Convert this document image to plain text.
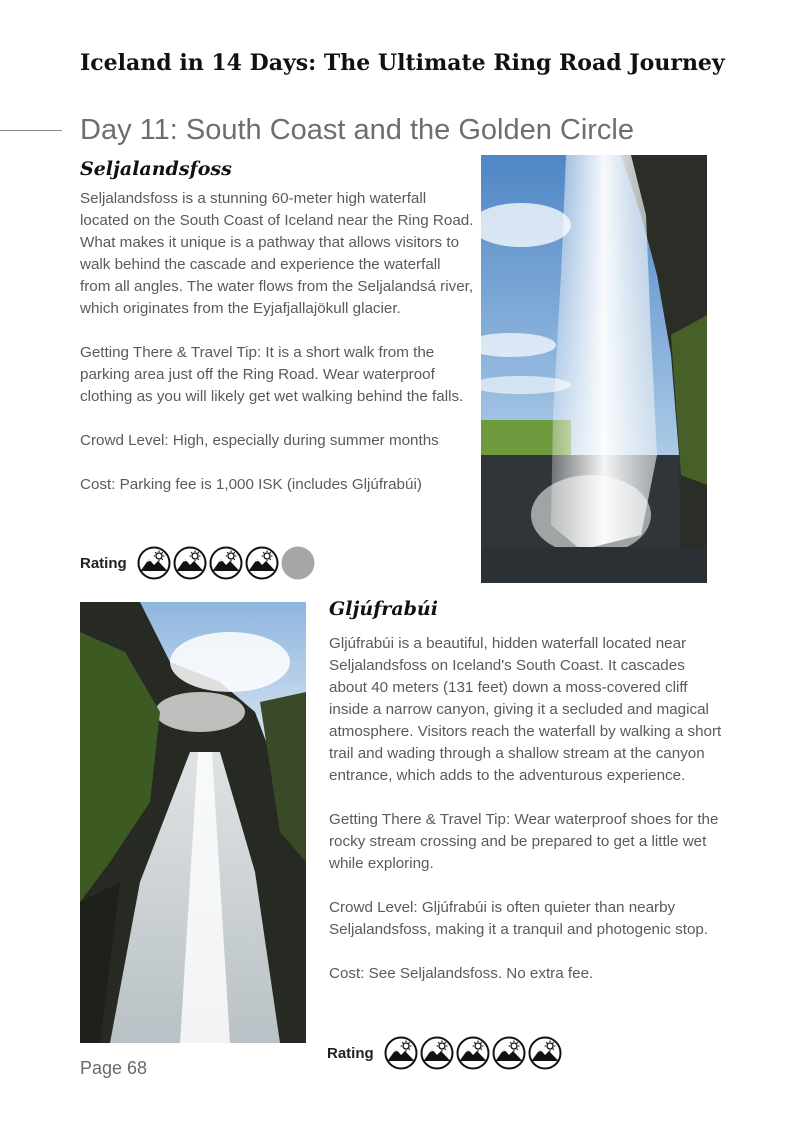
Iceland in 14 Days: The Ultimate Ring Road Journey
Day 11: South Coast and the Golden Circle
Seljalandsfoss

Seljalandsfoss is a stunning 60-meter high waterfall located on the South Coast of Iceland near the Ring Road. What makes it unique is a pathway that allows visitors to walk behind the cascade and experience the waterfall from all angles. The water flows from the Seljalandsá river, which originates from the Eyjafjallajökull glacier.

Getting There & Travel Tip: It is a short walk from the parking area just off the Ring Road. Wear waterproof clothing as you will likely get wet walking behind the falls.

Crowd Level: High, especially during summer months

Cost: Parking fee is 1,000 ISK (includes Gljúfrabúi)

Rating
Gljúfrabúi

Gljúfrabúi is a beautiful, hidden waterfall located near Seljalandsfoss on Iceland's South Coast. It cascades about 40 meters (131 feet) down a moss-covered cliff inside a narrow canyon, giving it a secluded and magical atmosphere. Visitors reach the waterfall by walking a short trail and wading through a shallow stream at the canyon entrance, which adds to the adventurous experience.

Getting There & Travel Tip: Wear waterproof shoes for the rocky stream crossing and be prepared to get a little wet while exploring.

Crowd Level: Gljúfrabúi is often quieter than nearby Seljalandsfoss, making it a tranquil and photogenic stop.

Cost: See Seljalandsfoss. No extra fee.

Rating
Page 68
